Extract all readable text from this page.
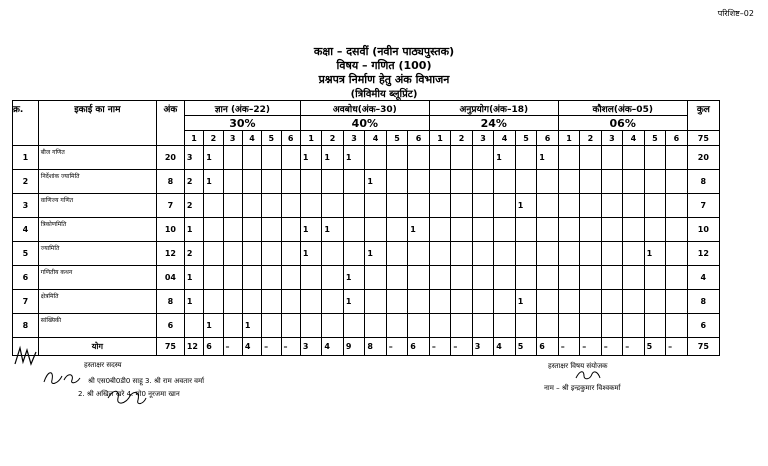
परिशिष्ट–02
कक्षा – दसवीं (नवीन पाठ्यपुस्तक)
विषय – गणित (100)
प्रश्नपत्र निर्माण हेतु अंक विभाजन
(त्रिविमीय ब्लूप्रिंट)
क्र.	इकाई का नाम	अंक	ज्ञान (अंक–22)						अवबोध(अंक–30)						अनुप्रयोग(अंक–18)						कौशल(अंक–05)						कुल
			30%						40%						24%						06%						
			1	2	3	4	5	6	1	2	3	4	5	6	1	2	3	4	5	6	1	2	3	4	5	6	75
1	बीज गणित	20	3	1					1	1	1							1		1							20
2	निर्देशांक ज्यामिति	8	2	1								1															8
3	वाणिज्य गणित	7	2																1								7
4	त्रिकोणमिति	10	1						1	1				1													10
5	ज्यामिति	12	2						1			1													1		12
6	गणितीय कथन	04	1								1																4
7	क्षेत्रमिति	8	1								1								1								8
8	सांख्यिकी	6		1		1																					6
	योग	75	12	6	–	4	–	–	3	4	9	8	–	6	–	–	3	4	5	6	–	–	–	–	5	–	75
हस्ताक्षर सदस्य
श्री एस0बी0डी0 साहू 3. श्री राम अवतार वर्मा
2. श्री अखिल खरे 4. मो0 नूरजमा खान
हस्ताक्षर विषय संयोजक
नाम – श्री इन्द्रकुमार विश्वकर्मा
